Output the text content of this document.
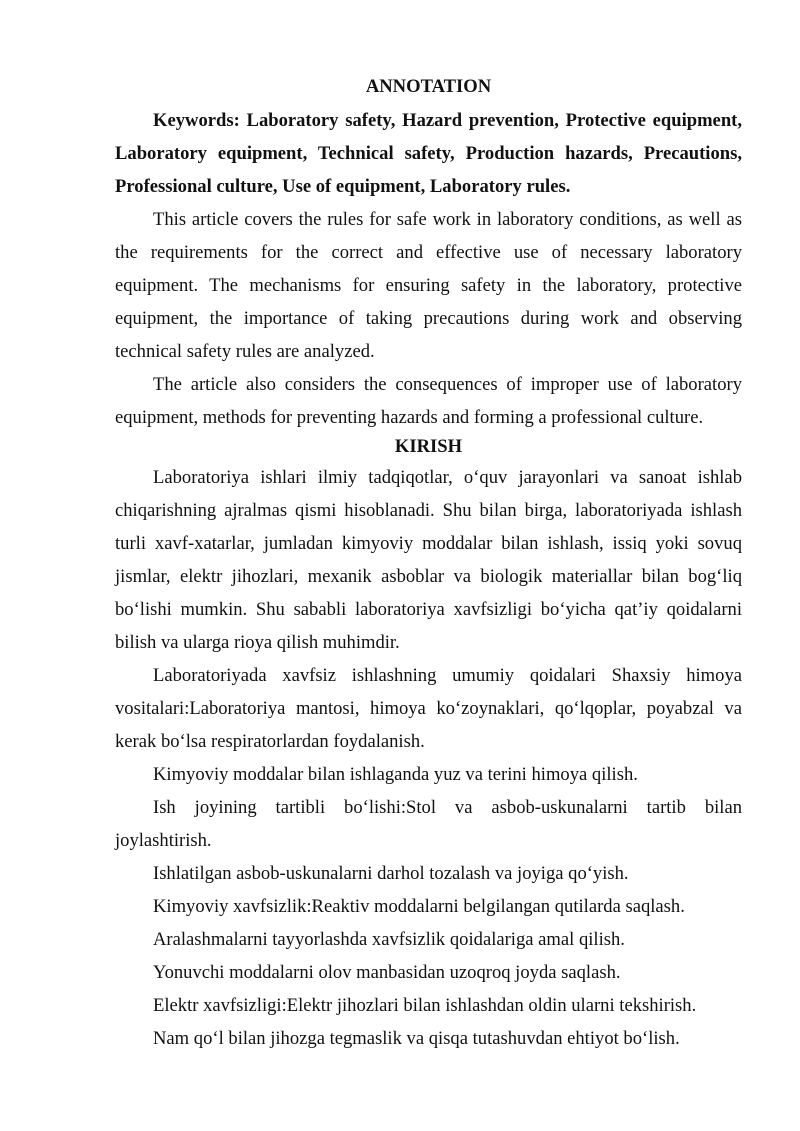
ANNOTATION

Keywords: Laboratory safety, Hazard prevention, Protective equipment, Laboratory equipment, Technical safety, Production hazards, Precautions, Professional culture, Use of equipment, Laboratory rules.

This article covers the rules for safe work in laboratory conditions, as well as the requirements for the correct and effective use of necessary laboratory equipment. The mechanisms for ensuring safety in the laboratory, protective equipment, the importance of taking precautions during work and observing technical safety rules are analyzed.

The article also considers the consequences of improper use of laboratory equipment, methods for preventing hazards and forming a professional culture.

KIRISH

Laboratoriya ishlari ilmiy tadqiqotlar, o‘quv jarayonlari va sanoat ishlab chiqarishning ajralmas qismi hisoblanadi. Shu bilan birga, laboratoriyada ishlash turli xavf-xatarlar, jumladan kimyoviy moddalar bilan ishlash, issiq yoki sovuq jismlar, elektr jihozlari, mexanik asboblar va biologik materiallar bilan bog‘liq bo‘lishi mumkin. Shu sababli laboratoriya xavfsizligi bo‘yicha qat’iy qoidalarni bilish va ularga rioya qilish muhimdir.

Laboratoriyada xavfsiz ishlashning umumiy qoidalari Shaxsiy himoya vositalari:Laboratoriya mantosi, himoya ko‘zoynaklari, qo‘lqoplar, poyabzal va kerak bo‘lsa respiratorlardan foydalanish.

Kimyoviy moddalar bilan ishlaganda yuz va terini himoya qilish.

Ish joyining tartibli bo‘lishi:Stol va asbob-uskunalarni tartib bilan joylashtirish.

Ishlatilgan asbob-uskunalarni darhol tozalash va joyiga qo‘yish.

Kimyoviy xavfsizlik:Reaktiv moddalarni belgilangan qutilarda saqlash.

Aralashmalarni tayyorlashda xavfsizlik qoidalariga amal qilish.

Yonuvchi moddalarni olov manbasidan uzoqroq joyda saqlash.

Elektr xavfsizligi:Elektr jihozlari bilan ishlashdan oldin ularni tekshirish.

Nam qo‘l bilan jihozga tegmaslik va qisqa tutashuvdan ehtiyot bo‘lish.
